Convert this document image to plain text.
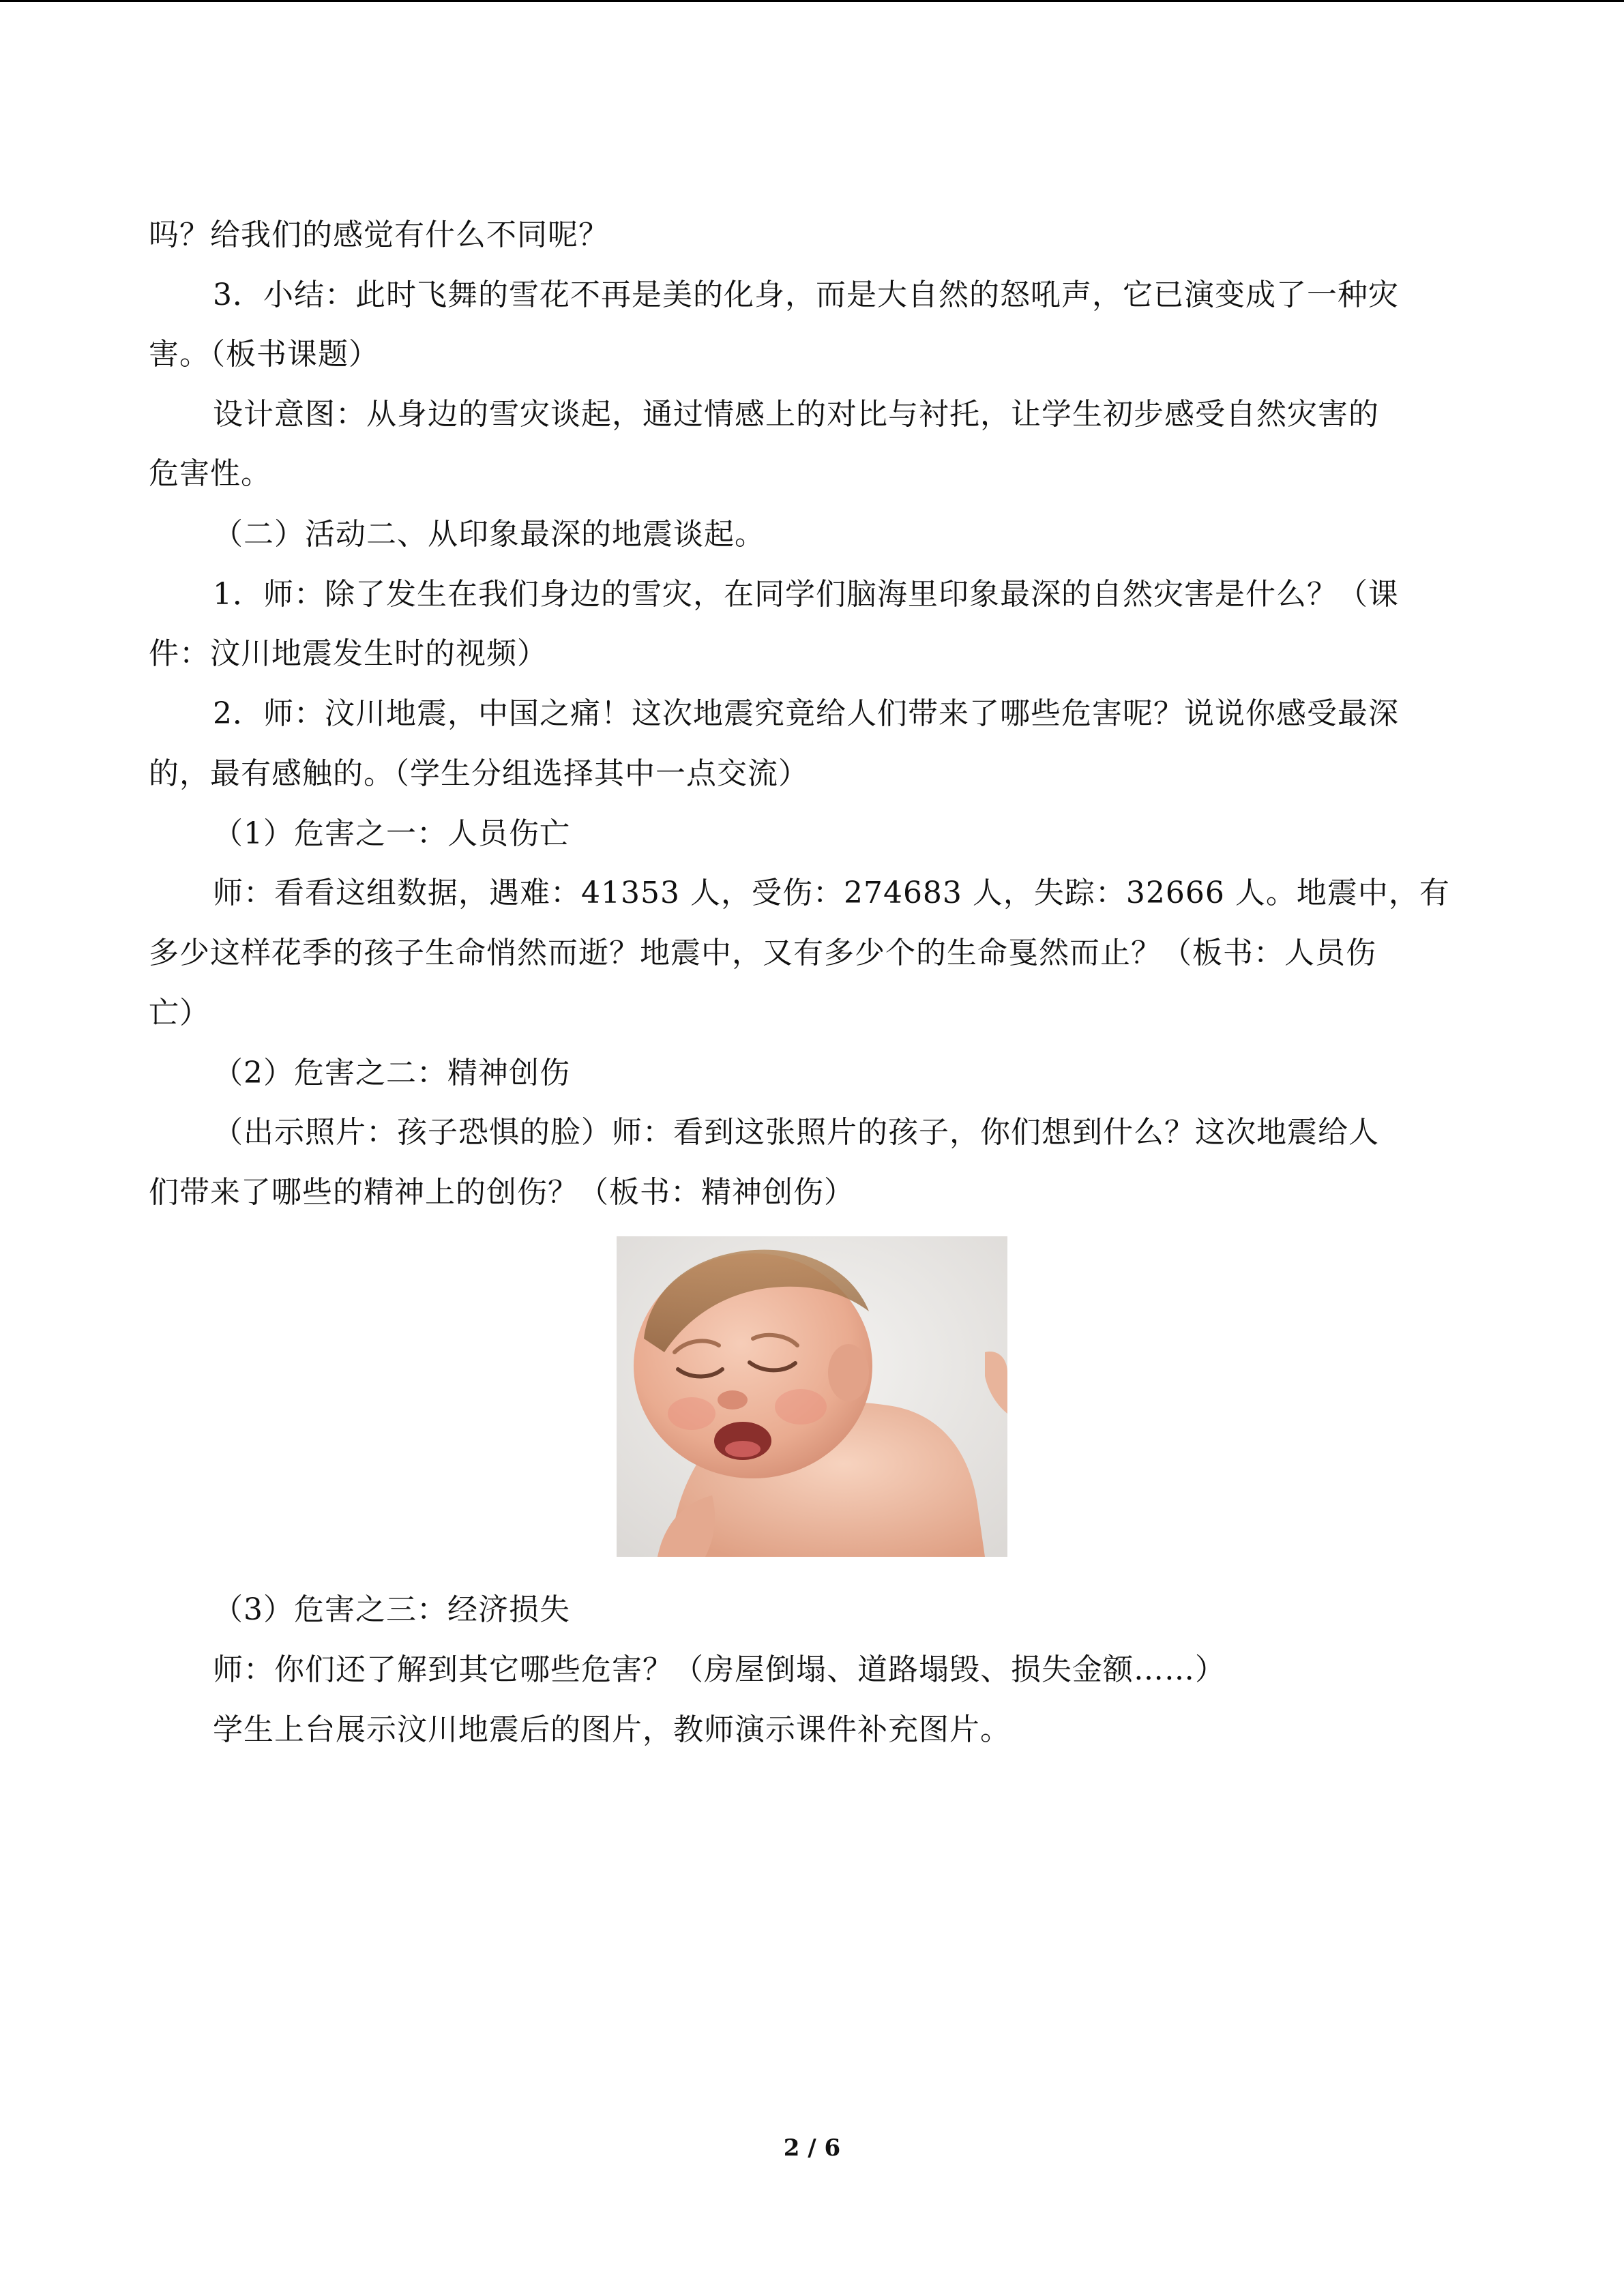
吗？给我们的感觉有什么不同呢？
3．小结：此时飞舞的雪花不再是美的化身，而是大自然的怒吼声，它已演变成了一种灾
害。（板书课题）
设计意图：从身边的雪灾谈起，通过情感上的对比与衬托，让学生初步感受自然灾害的
危害性。
（二）活动二、从印象最深的地震谈起。
1．师：除了发生在我们身边的雪灾，在同学们脑海里印象最深的自然灾害是什么？（课
件：汶川地震发生时的视频）
2．师：汶川地震，中国之痛！这次地震究竟给人们带来了哪些危害呢？说说你感受最深
的，最有感触的。（学生分组选择其中一点交流）
（1）危害之一：人员伤亡
师：看看这组数据，遇难：41353 人，受伤：274683 人，失踪：32666 人。地震中，有
多少这样花季的孩子生命悄然而逝？地震中，又有多少个的生命戛然而止？（板书：人员伤
亡）
（2）危害之二：精神创伤
（出示照片：孩子恐惧的脸）师：看到这张照片的孩子，你们想到什么？这次地震给人
们带来了哪些的精神上的创伤？（板书：精神创伤）
（3）危害之三：经济损失
师：你们还了解到其它哪些危害？（房屋倒塌、道路塌毁、损失金额……）
学生上台展示汶川地震后的图片，教师演示课件补充图片。
2 / 6
